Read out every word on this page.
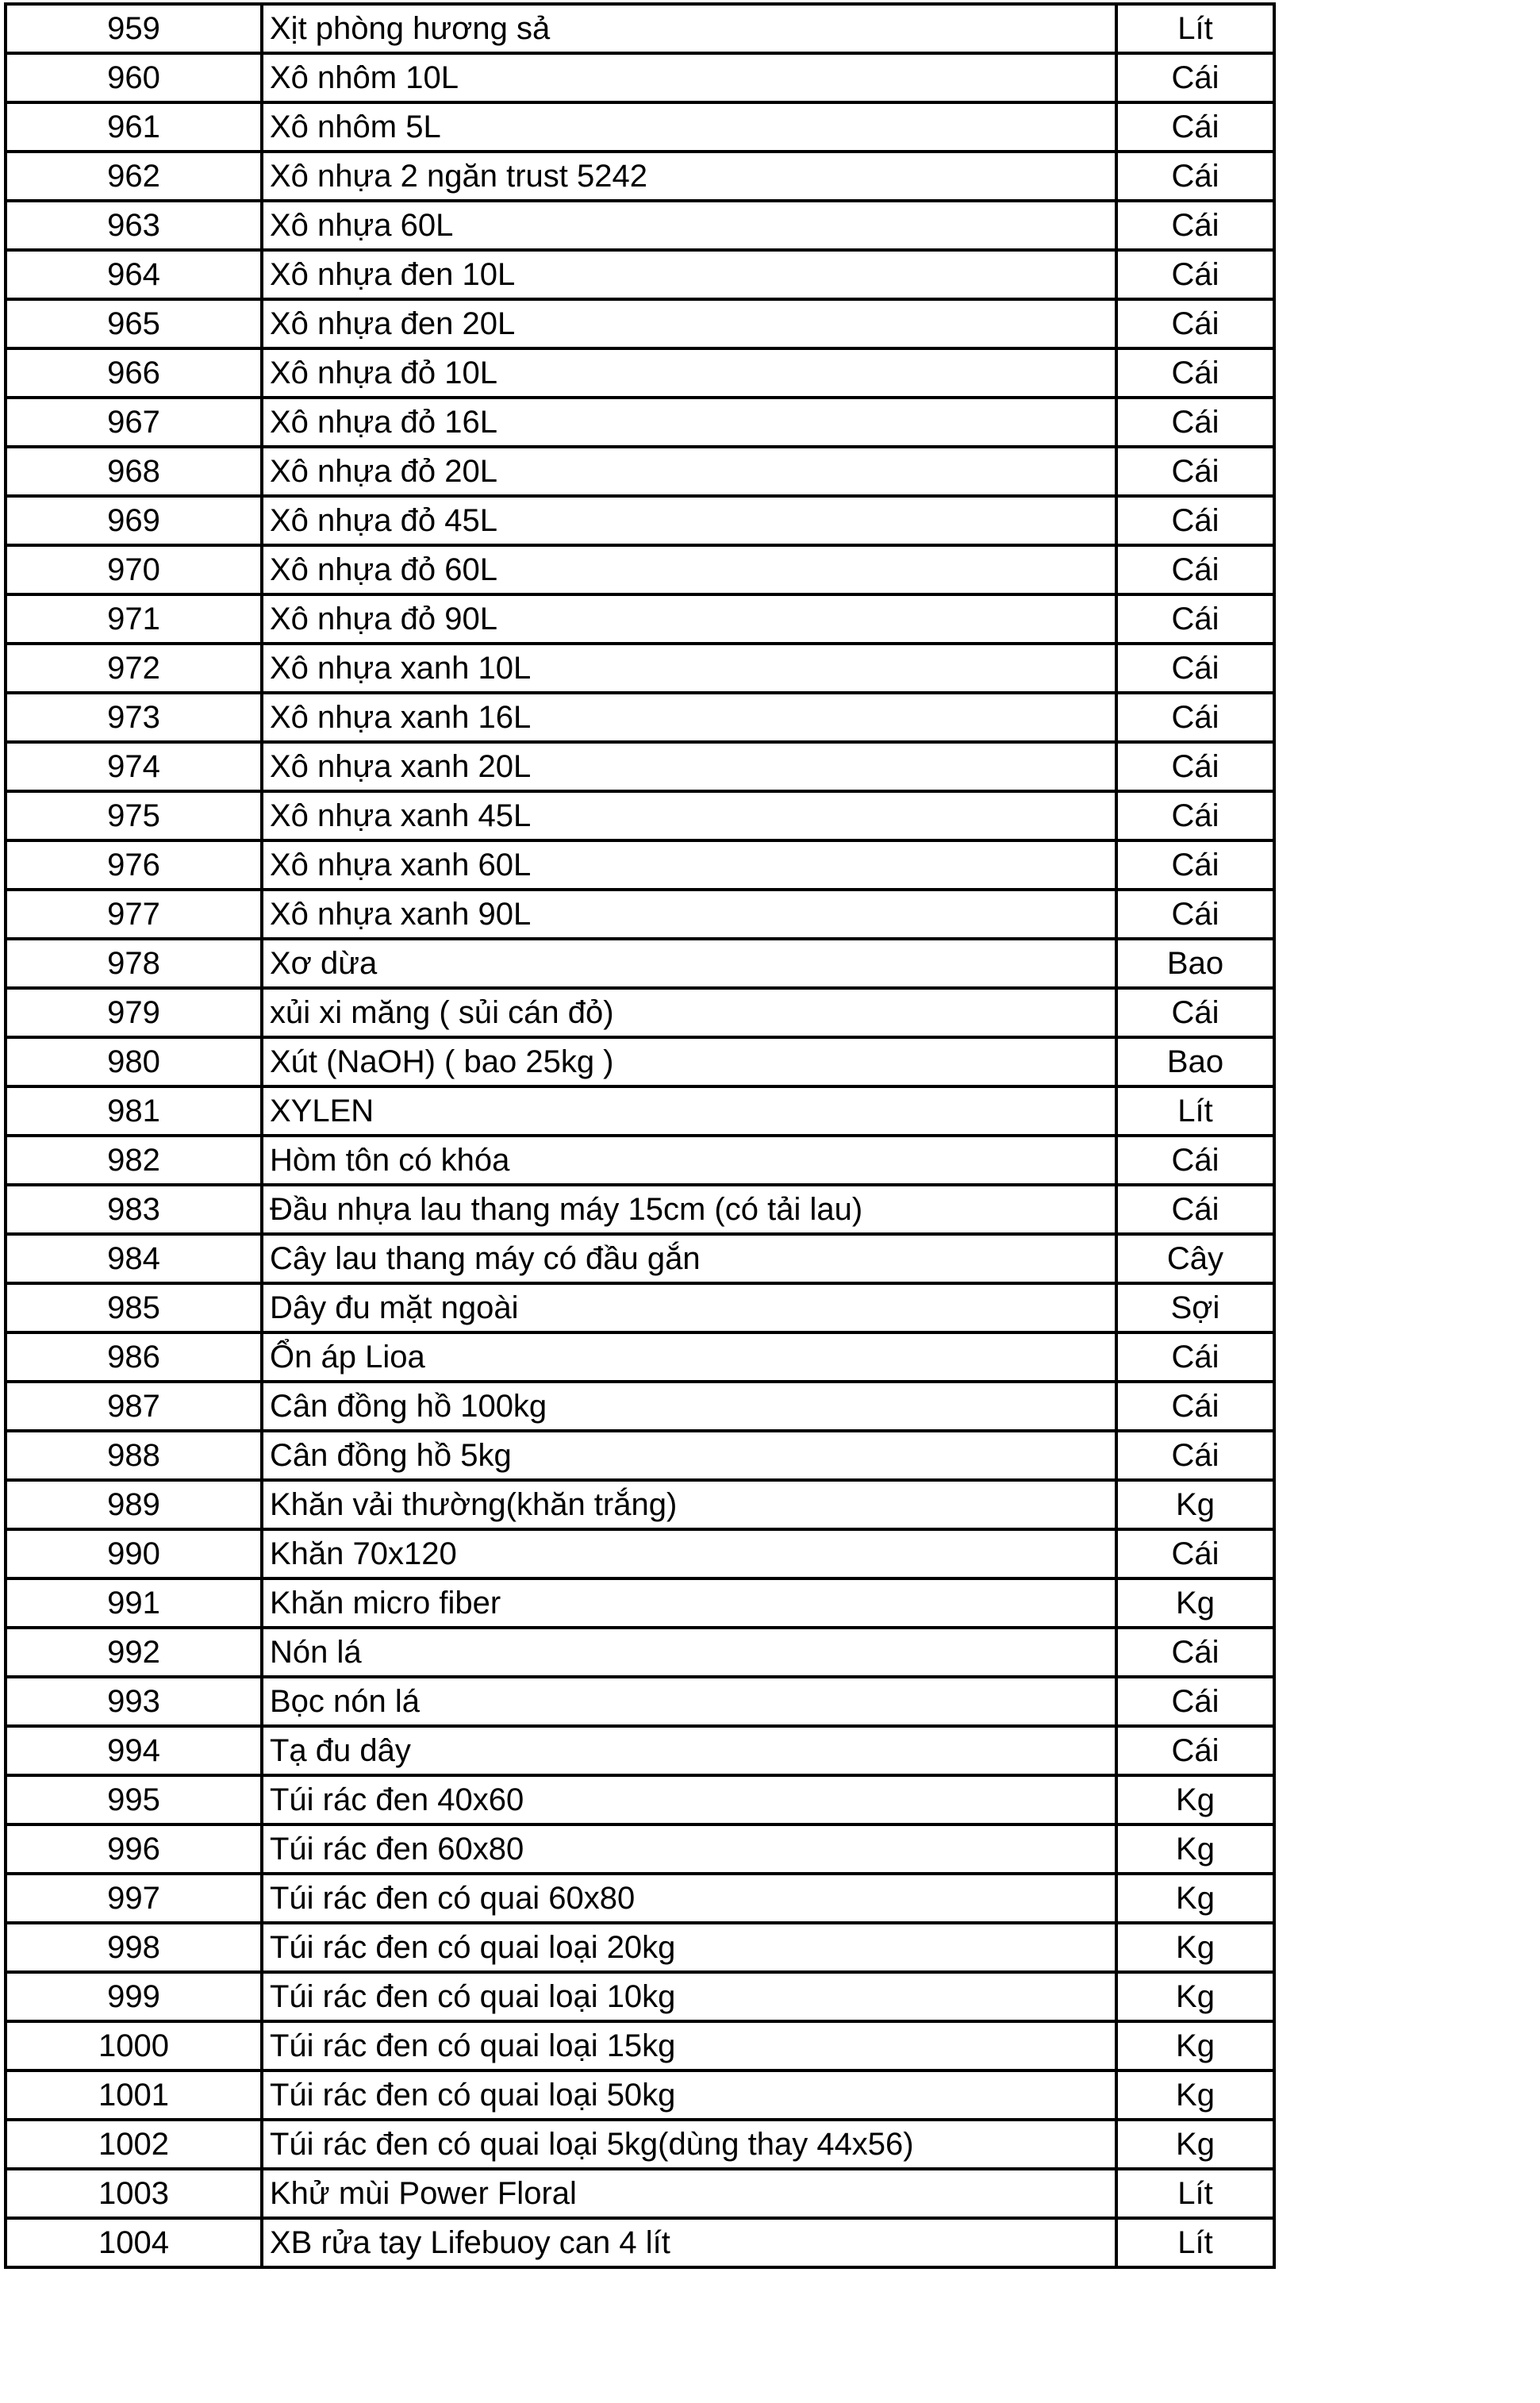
959	Xịt phòng hương sả	Lít
960	Xô nhôm 10L	Cái
961	Xô nhôm 5L	Cái
962	Xô nhựa 2 ngăn trust 5242	Cái
963	Xô nhựa 60L	Cái
964	Xô nhựa đen 10L	Cái
965	Xô nhựa đen 20L	Cái
966	Xô nhựa đỏ 10L	Cái
967	Xô nhựa đỏ 16L	Cái
968	Xô nhựa đỏ 20L	Cái
969	Xô nhựa đỏ 45L	Cái
970	Xô nhựa đỏ 60L	Cái
971	Xô nhựa đỏ 90L	Cái
972	Xô nhựa xanh 10L	Cái
973	Xô nhựa xanh 16L	Cái
974	Xô nhựa xanh 20L	Cái
975	Xô nhựa xanh 45L	Cái
976	Xô nhựa xanh 60L	Cái
977	Xô nhựa xanh 90L	Cái
978	Xơ dừa	Bao
979	xủi xi măng ( sủi cán đỏ)	Cái
980	Xút (NaOH) ( bao 25kg )	Bao
981	XYLEN	Lít
982	Hòm tôn có khóa	Cái
983	Đầu nhựa lau thang máy 15cm (có tải lau)	Cái
984	Cây lau thang máy có đầu gắn	Cây
985	Dây đu mặt ngoài	Sợi
986	Ổn áp Lioa	Cái
987	Cân đồng hồ 100kg	Cái
988	Cân đồng hồ 5kg	Cái
989	Khăn vải thường(khăn trắng)	Kg
990	Khăn 70x120	Cái
991	Khăn micro fiber	Kg
992	Nón lá	Cái
993	Bọc nón lá	Cái
994	Tạ đu dây	Cái
995	Túi rác đen 40x60	Kg
996	Túi rác đen 60x80	Kg
997	Túi rác đen có quai 60x80	Kg
998	Túi rác đen có quai loại 20kg	Kg
999	Túi rác đen có quai loại 10kg	Kg
1000	Túi rác đen có quai loại 15kg	Kg
1001	Túi rác đen có quai loại 50kg	Kg
1002	Túi rác đen có quai loại 5kg(dùng thay 44x56)	Kg
1003	Khử mùi Power Floral	Lít
1004	XB rửa tay Lifebuoy can 4 lít	Lít
